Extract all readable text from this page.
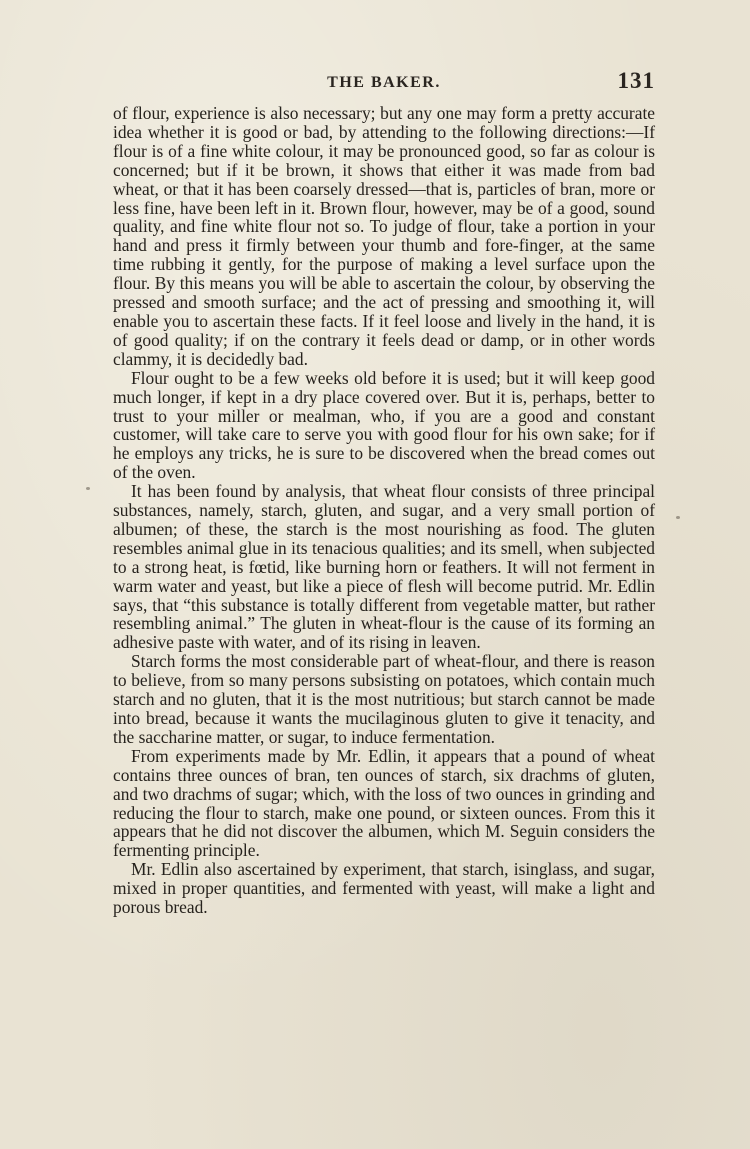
THE BAKER.	131

of flour, experience is also necessary; but any one may form a pretty accurate idea whether it is good or bad, by attending to the following directions:—If flour is of a fine white colour, it may be pronounced good, so far as colour is concerned; but if it be brown, it shows that either it was made from bad wheat, or that it has been coarsely dressed—that is, particles of bran, more or less fine, have been left in it. Brown flour, however, may be of a good, sound quality, and fine white flour not so. To judge of flour, take a portion in your hand and press it firmly between your thumb and fore-finger, at the same time rubbing it gently, for the purpose of making a level surface upon the flour. By this means you will be able to ascertain the colour, by observing the pressed and smooth surface; and the act of pressing and smoothing it, will enable you to ascertain these facts. If it feel loose and lively in the hand, it is of good quality; if on the contrary it feels dead or damp, or in other words clammy, it is decidedly bad.

Flour ought to be a few weeks old before it is used; but it will keep good much longer, if kept in a dry place covered over. But it is, perhaps, better to trust to your miller or mealman, who, if you are a good and constant customer, will take care to serve you with good flour for his own sake; for if he employs any tricks, he is sure to be discovered when the bread comes out of the oven.

It has been found by analysis, that wheat flour consists of three principal substances, namely, starch, gluten, and sugar, and a very small portion of albumen; of these, the starch is the most nourishing as food. The gluten resembles animal glue in its tenacious qualities; and its smell, when subjected to a strong heat, is fœtid, like burning horn or feathers. It will not ferment in warm water and yeast, but like a piece of flesh will become putrid. Mr. Edlin says, that “this substance is totally different from vegetable matter, but rather resembling animal.” The gluten in wheat-flour is the cause of its forming an adhesive paste with water, and of its rising in leaven.

Starch forms the most considerable part of wheat-flour, and there is reason to believe, from so many persons subsisting on potatoes, which contain much starch and no gluten, that it is the most nutritious; but starch cannot be made into bread, because it wants the mucilaginous gluten to give it tenacity, and the saccharine matter, or sugar, to induce fermentation.

From experiments made by Mr. Edlin, it appears that a pound of wheat contains three ounces of bran, ten ounces of starch, six drachms of gluten, and two drachms of sugar; which, with the loss of two ounces in grinding and reducing the flour to starch, make one pound, or sixteen ounces. From this it appears that he did not discover the albumen, which M. Seguin considers the fermenting principle.

Mr. Edlin also ascertained by experiment, that starch, isinglass, and sugar, mixed in proper quantities, and fermented with yeast, will make a light and porous bread.
